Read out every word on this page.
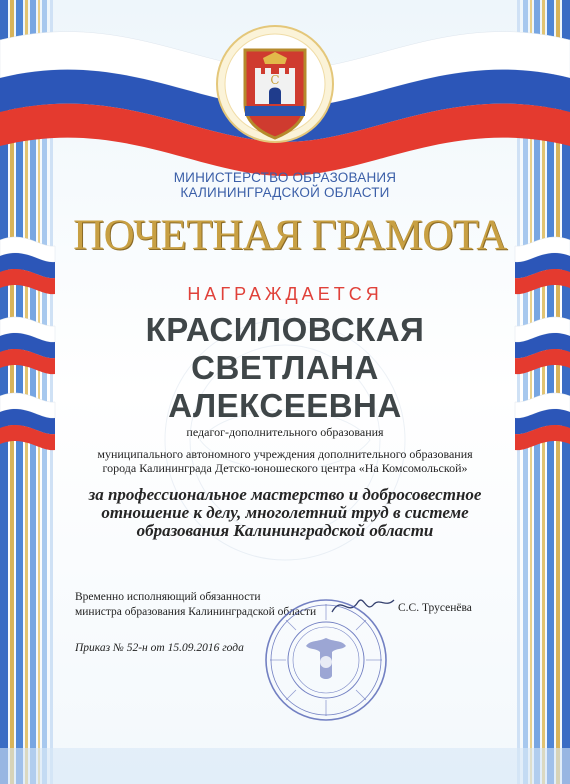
С
МИНИСТЕРСТВО ОБРАЗОВАНИЯ
КАЛИНИНГРАДСКОЙ ОБЛАСТИ
ПОЧЕТНАЯ ГРАМОТА
НАГРАЖДАЕТСЯ
КРАСИЛОВСКАЯ
СВЕТЛАНА
АЛЕКСЕЕВНА
педагог-дополнительного образования
муниципального автономного учреждения дополнительного образования
города Калининграда Детско-юношеского центра «На Комсомольской»
за профессиональное мастерство и добросовестное отношение к делу, многолетний труд в системе образования Калининградской области
Временно исполняющий обязанности
министра образования Калининградской области	С.С. Трусенёва
Приказ № 52-н от 15.09.2016 года
